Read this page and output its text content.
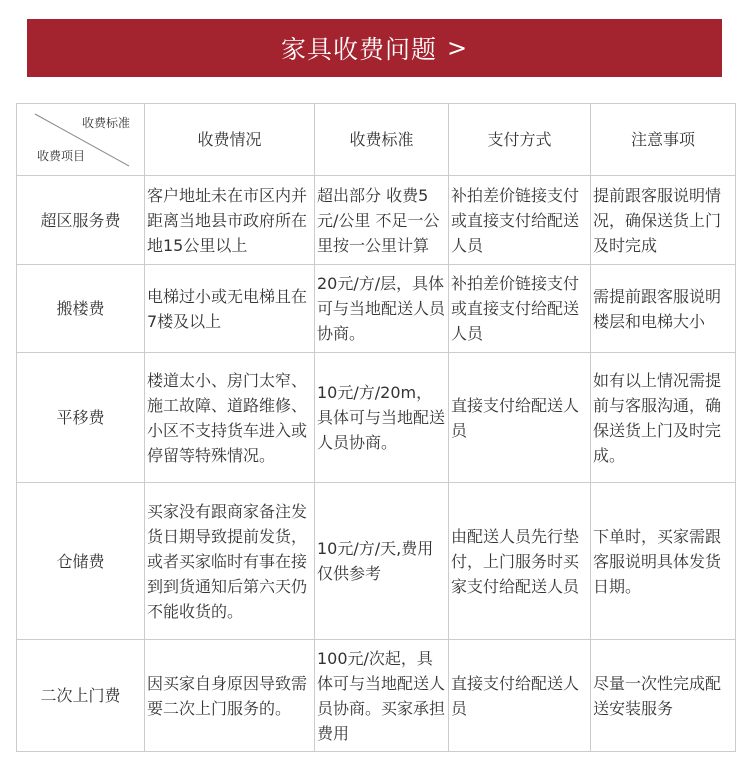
家具收费问题 >
收费标准
收费项目	收费情况	收费标准	支付方式	注意事项
超区服务费	客户地址未在市区内并距离当地县市政府所在地15公里以上	超出部分 收费5元/公里 不足一公里按一公里计算	补拍差价链接支付或直接支付给配送人员	提前跟客服说明情况，确保送货上门及时完成
搬楼费	电梯过小或无电梯且在7楼及以上	20元/方/层，具体可与当地配送人员协商。	补拍差价链接支付或直接支付给配送人员	需提前跟客服说明楼层和电梯大小
平移费	楼道太小、房门太窄、施工故障、道路维修、小区不支持货车进入或停留等特殊情况。	10元/方/20m，具体可与当地配送人员协商。	直接支付给配送人员	如有以上情况需提前与客服沟通，确保送货上门及时完成。
仓储费	买家没有跟商家备注发货日期导致提前发货，或者买家临时有事在接到到货通知后第六天仍不能收货的。	10元/方/天,费用仅供参考	由配送人员先行垫付，上门服务时买家支付给配送人员	下单时，买家需跟客服说明具体发货日期。
二次上门费	因买家自身原因导致需要二次上门服务的。	100元/次起，具体可与当地配送人员协商。买家承担费用	直接支付给配送人员	尽量一次性完成配送安装服务
